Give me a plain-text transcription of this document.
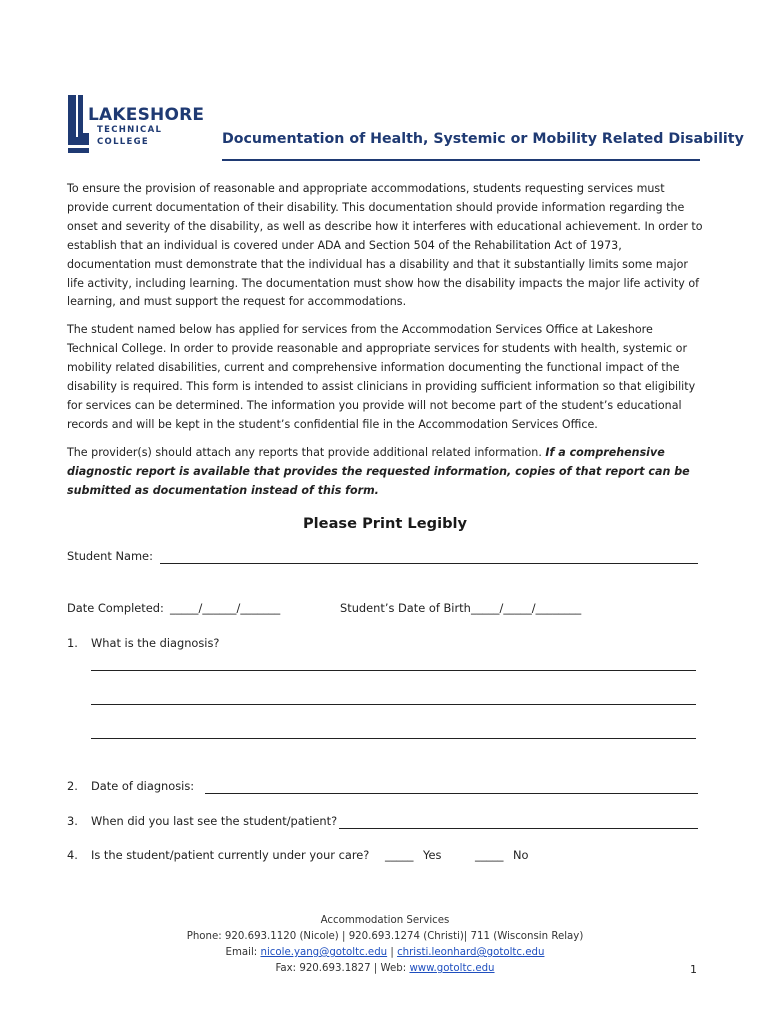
LAKESHORE
TECHNICAL
COLLEGE	Documentation of Health, Systemic or Mobility Related Disability
To ensure the provision of reasonable and appropriate accommodations, students requesting services must provide current documentation of their disability. This documentation should provide information regarding the onset and severity of the disability, as well as describe how it interferes with educational achievement. In order to establish that an individual is covered under ADA and Section 504 of the Rehabilitation Act of 1973, documentation must demonstrate that the individual has a disability and that it substantially limits some major life activity, including learning. The documentation must show how the disability impacts the major life activity of learning, and must support the request for accommodations.
The student named below has applied for services from the Accommodation Services Office at Lakeshore Technical College. In order to provide reasonable and appropriate services for students with health, systemic or mobility related disabilities, current and comprehensive information documenting the functional impact of the disability is required. This form is intended to assist clinicians in providing sufficient information so that eligibility for services can be determined. The information you provide will not become part of the student’s educational records and will be kept in the student’s confidential file in the Accommodation Services Office.
The provider(s) should attach any reports that provide additional related information. If a comprehensive diagnostic report is available that provides the requested information, copies of that report can be submitted as documentation instead of this form.
Please Print Legibly
Student Name:
Date Completed: _____/______/_______	Student’s Date of Birth _____/_____/________
1. What is the diagnosis?
2. Date of diagnosis:
3. When did you last see the student/patient?
4. Is the student/patient currently under your care? _____ Yes	_____ No
Accommodation Services
Phone: 920.693.1120 (Nicole) | 920.693.1274 (Christi)| 711 (Wisconsin Relay)
Email: nicole.yang@gotoltc.edu | christi.leonhard@gotoltc.edu
Fax: 920.693.1827 | Web: www.gotoltc.edu	1
